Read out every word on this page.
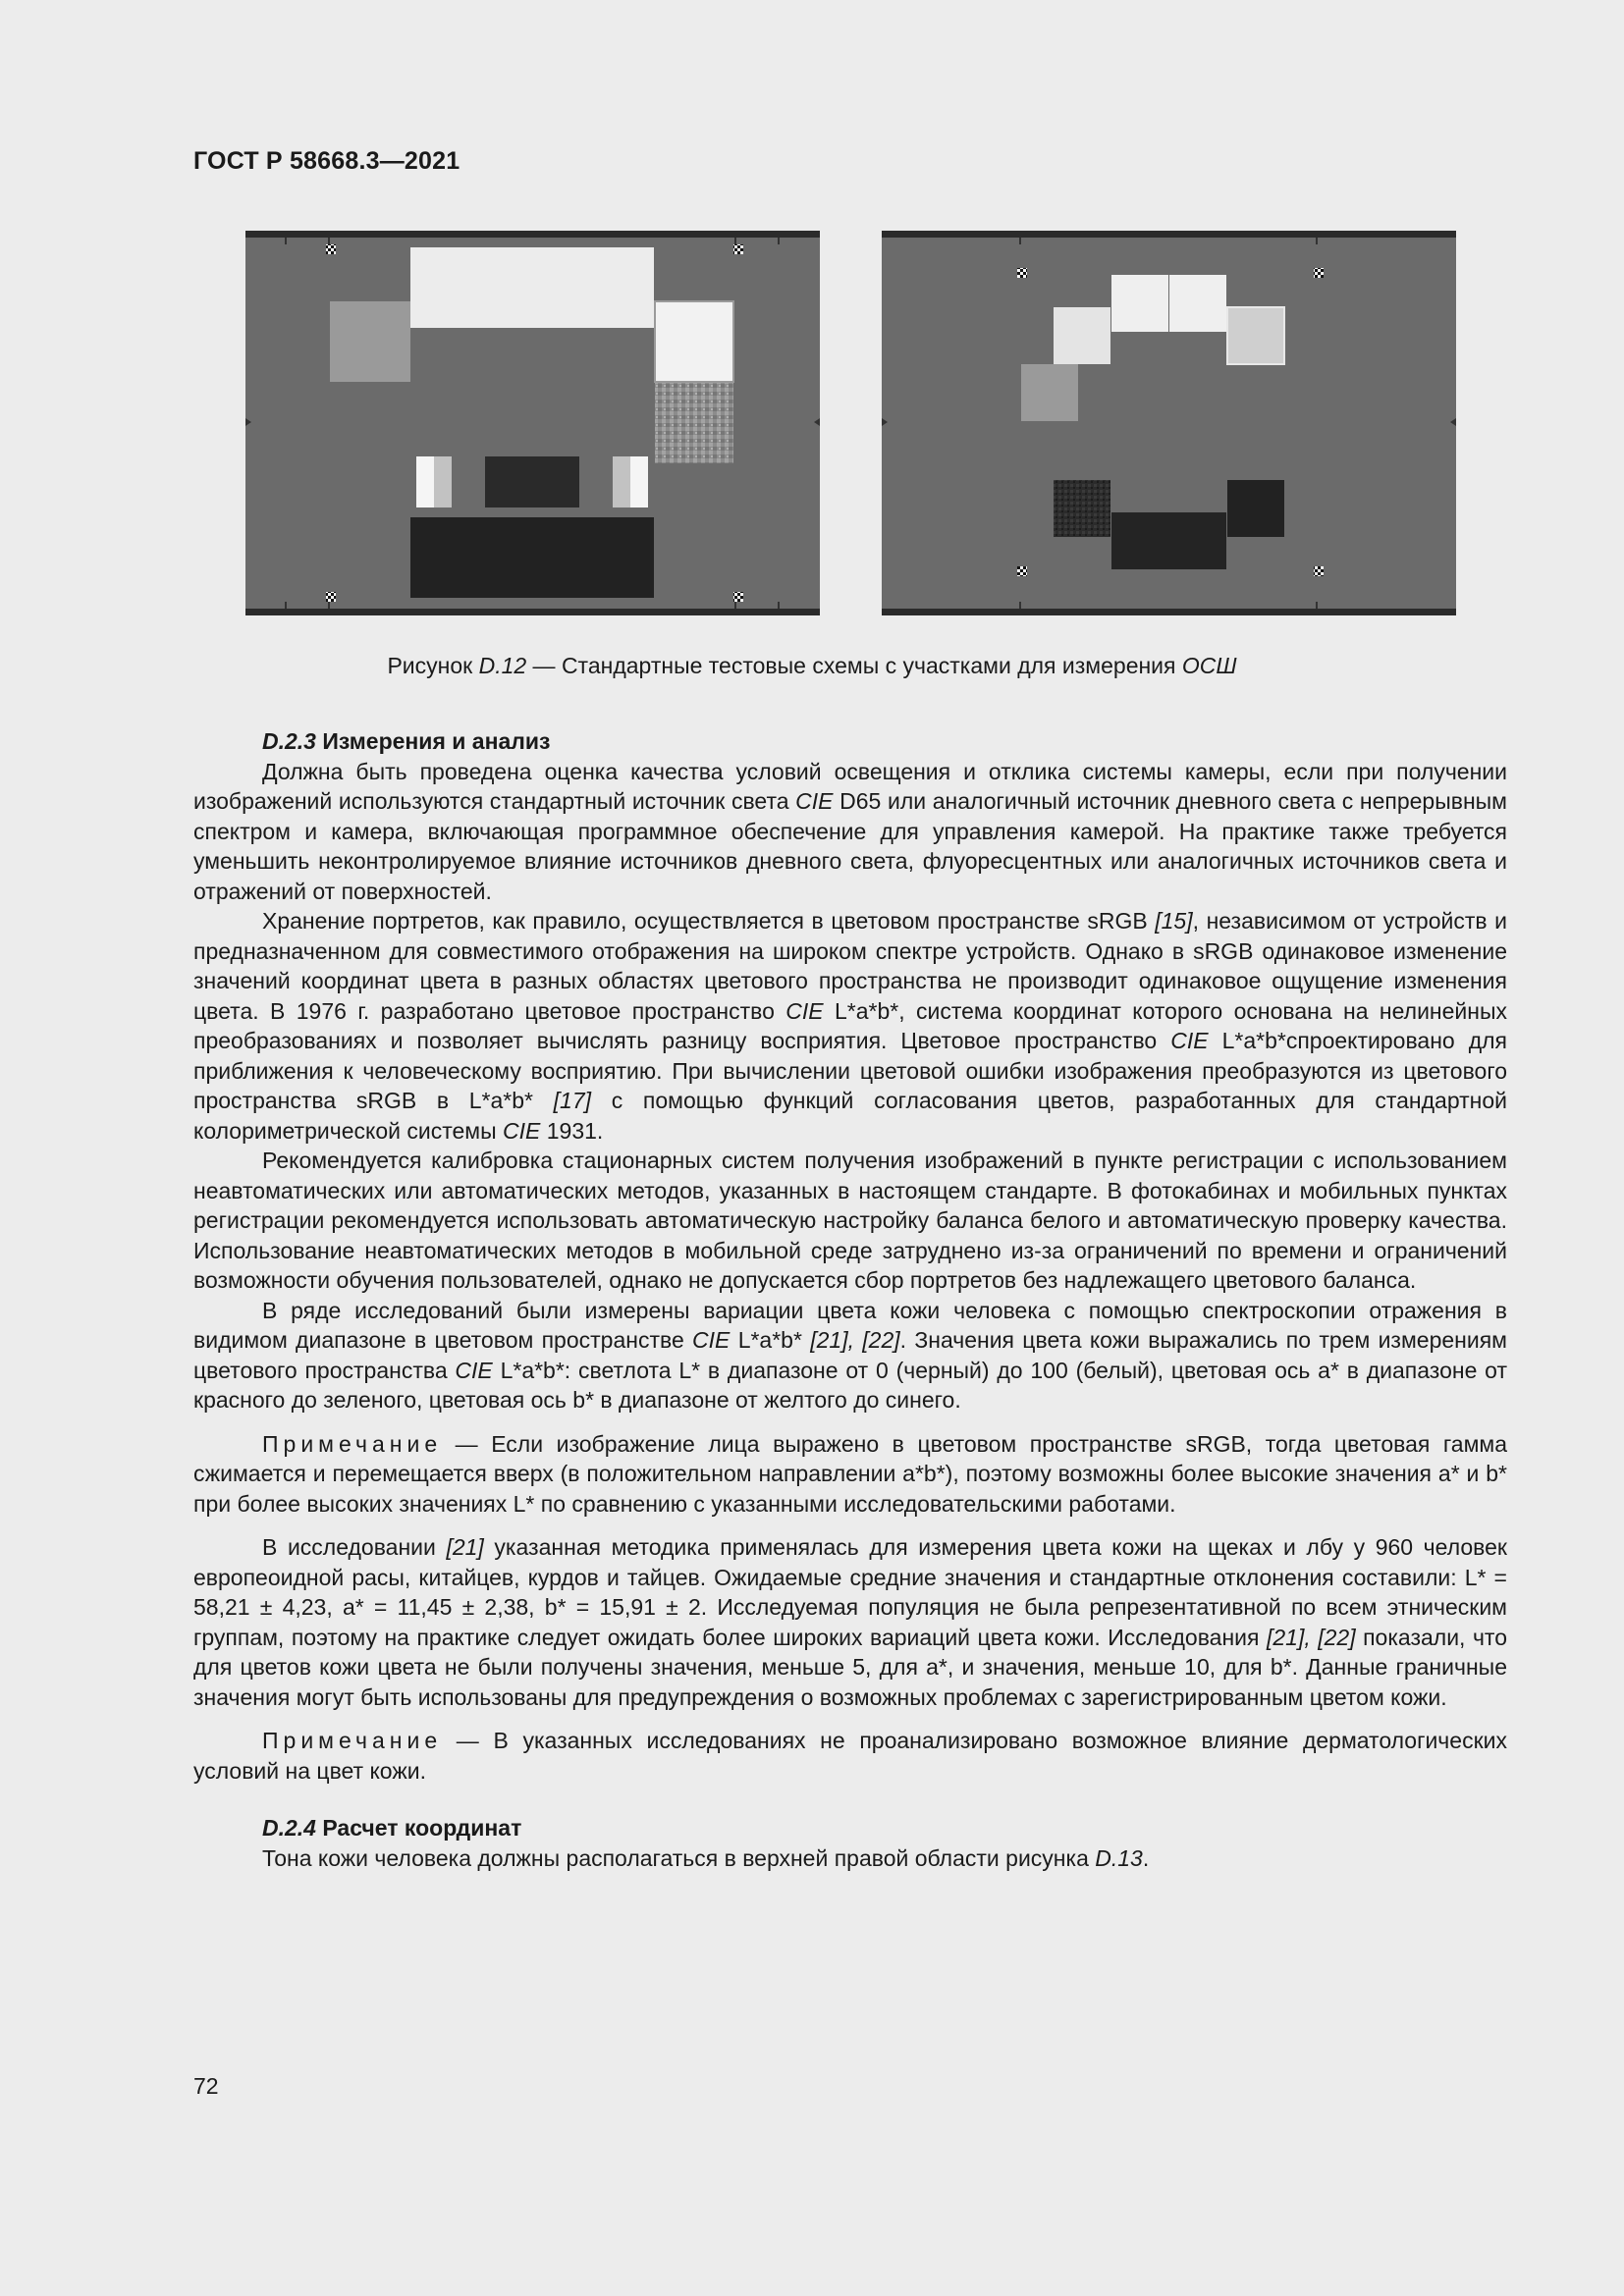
ГОСТ Р 58668.3—2021
Рисунок D.12 — Стандартные тестовые схемы с участками для измерения ОСШ

D.2.3 Измерения и анализ

Должна быть проведена оценка качества условий освещения и отклика системы камеры, если при получении изображений используются стандартный источник света CIE D65 или аналогичный источник дневного света с непрерывным спектром и камера, включающая программное обеспечение для управления камерой. На практике также требуется уменьшить неконтролируемое влияние источников дневного света, флуоресцентных или аналогичных источников света и отражений от поверхностей.

Хранение портретов, как правило, осуществляется в цветовом пространстве sRGB [15], независимом от устройств и предназначенном для совместимого отображения на широком спектре устройств. Однако в sRGB одинаковое изменение значений координат цвета в разных областях цветового пространства не производит одинаковое ощущение изменения цвета. В 1976 г. разработано цветовое пространство CIE L*a*b*, система координат которого основана на нелинейных преобразованиях и позволяет вычислять разницу восприятия. Цветовое пространство CIE L*a*b*спроектировано для приближения к человеческому восприятию. При вычислении цветовой ошибки изображения преобразуются из цветового пространства sRGB в L*a*b* [17] с помощью функций согласования цветов, разработанных для стандартной колориметрической системы CIE 1931.

Рекомендуется калибровка стационарных систем получения изображений в пункте регистрации с использованием неавтоматических или автоматических методов, указанных в настоящем стандарте. В фотокабинах и мобильных пунктах регистрации рекомендуется использовать автоматическую настройку баланса белого и автоматическую проверку качества. Использование неавтоматических методов в мобильной среде затруднено из-за ограничений по времени и ограничений возможности обучения пользователей, однако не допускается сбор портретов без надлежащего цветового баланса.

В ряде исследований были измерены вариации цвета кожи человека с помощью спектроскопии отражения в видимом диапазоне в цветовом пространстве CIE L*a*b* [21], [22]. Значения цвета кожи выражались по трем измерениям цветового пространства CIE L*a*b*: светлота L* в диапазоне от 0 (черный) до 100 (белый), цветовая ось a* в диапазоне от красного до зеленого, цветовая ось b* в диапазоне от желтого до синего.

Примечание — Если изображение лица выражено в цветовом пространстве sRGB, тогда цветовая гамма сжимается и перемещается вверх (в положительном направлении a*b*), поэтому возможны более высокие значения a* и b* при более высоких значениях L* по сравнению с указанными исследовательскими работами.

В исследовании [21] указанная методика применялась для измерения цвета кожи на щеках и лбу у 960 человек европеоидной расы, китайцев, курдов и тайцев. Ожидаемые средние значения и стандартные отклонения составили: L* = 58,21 ± 4,23, a* = 11,45 ± 2,38, b* = 15,91 ± 2. Исследуемая популяция не была репрезентативной по всем этническим группам, поэтому на практике следует ожидать более широких вариаций цвета кожи. Исследования [21], [22] показали, что для цветов кожи цвета не были получены значения, меньше 5, для a*, и значения, меньше 10, для b*. Данные граничные значения могут быть использованы для предупреждения о возможных проблемах с зарегистрированным цветом кожи.

Примечание — В указанных исследованиях не проанализировано возможное влияние дерматологических условий на цвет кожи.

D.2.4 Расчет координат

Тона кожи человека должны располагаться в верхней правой области рисунка D.13.

72
